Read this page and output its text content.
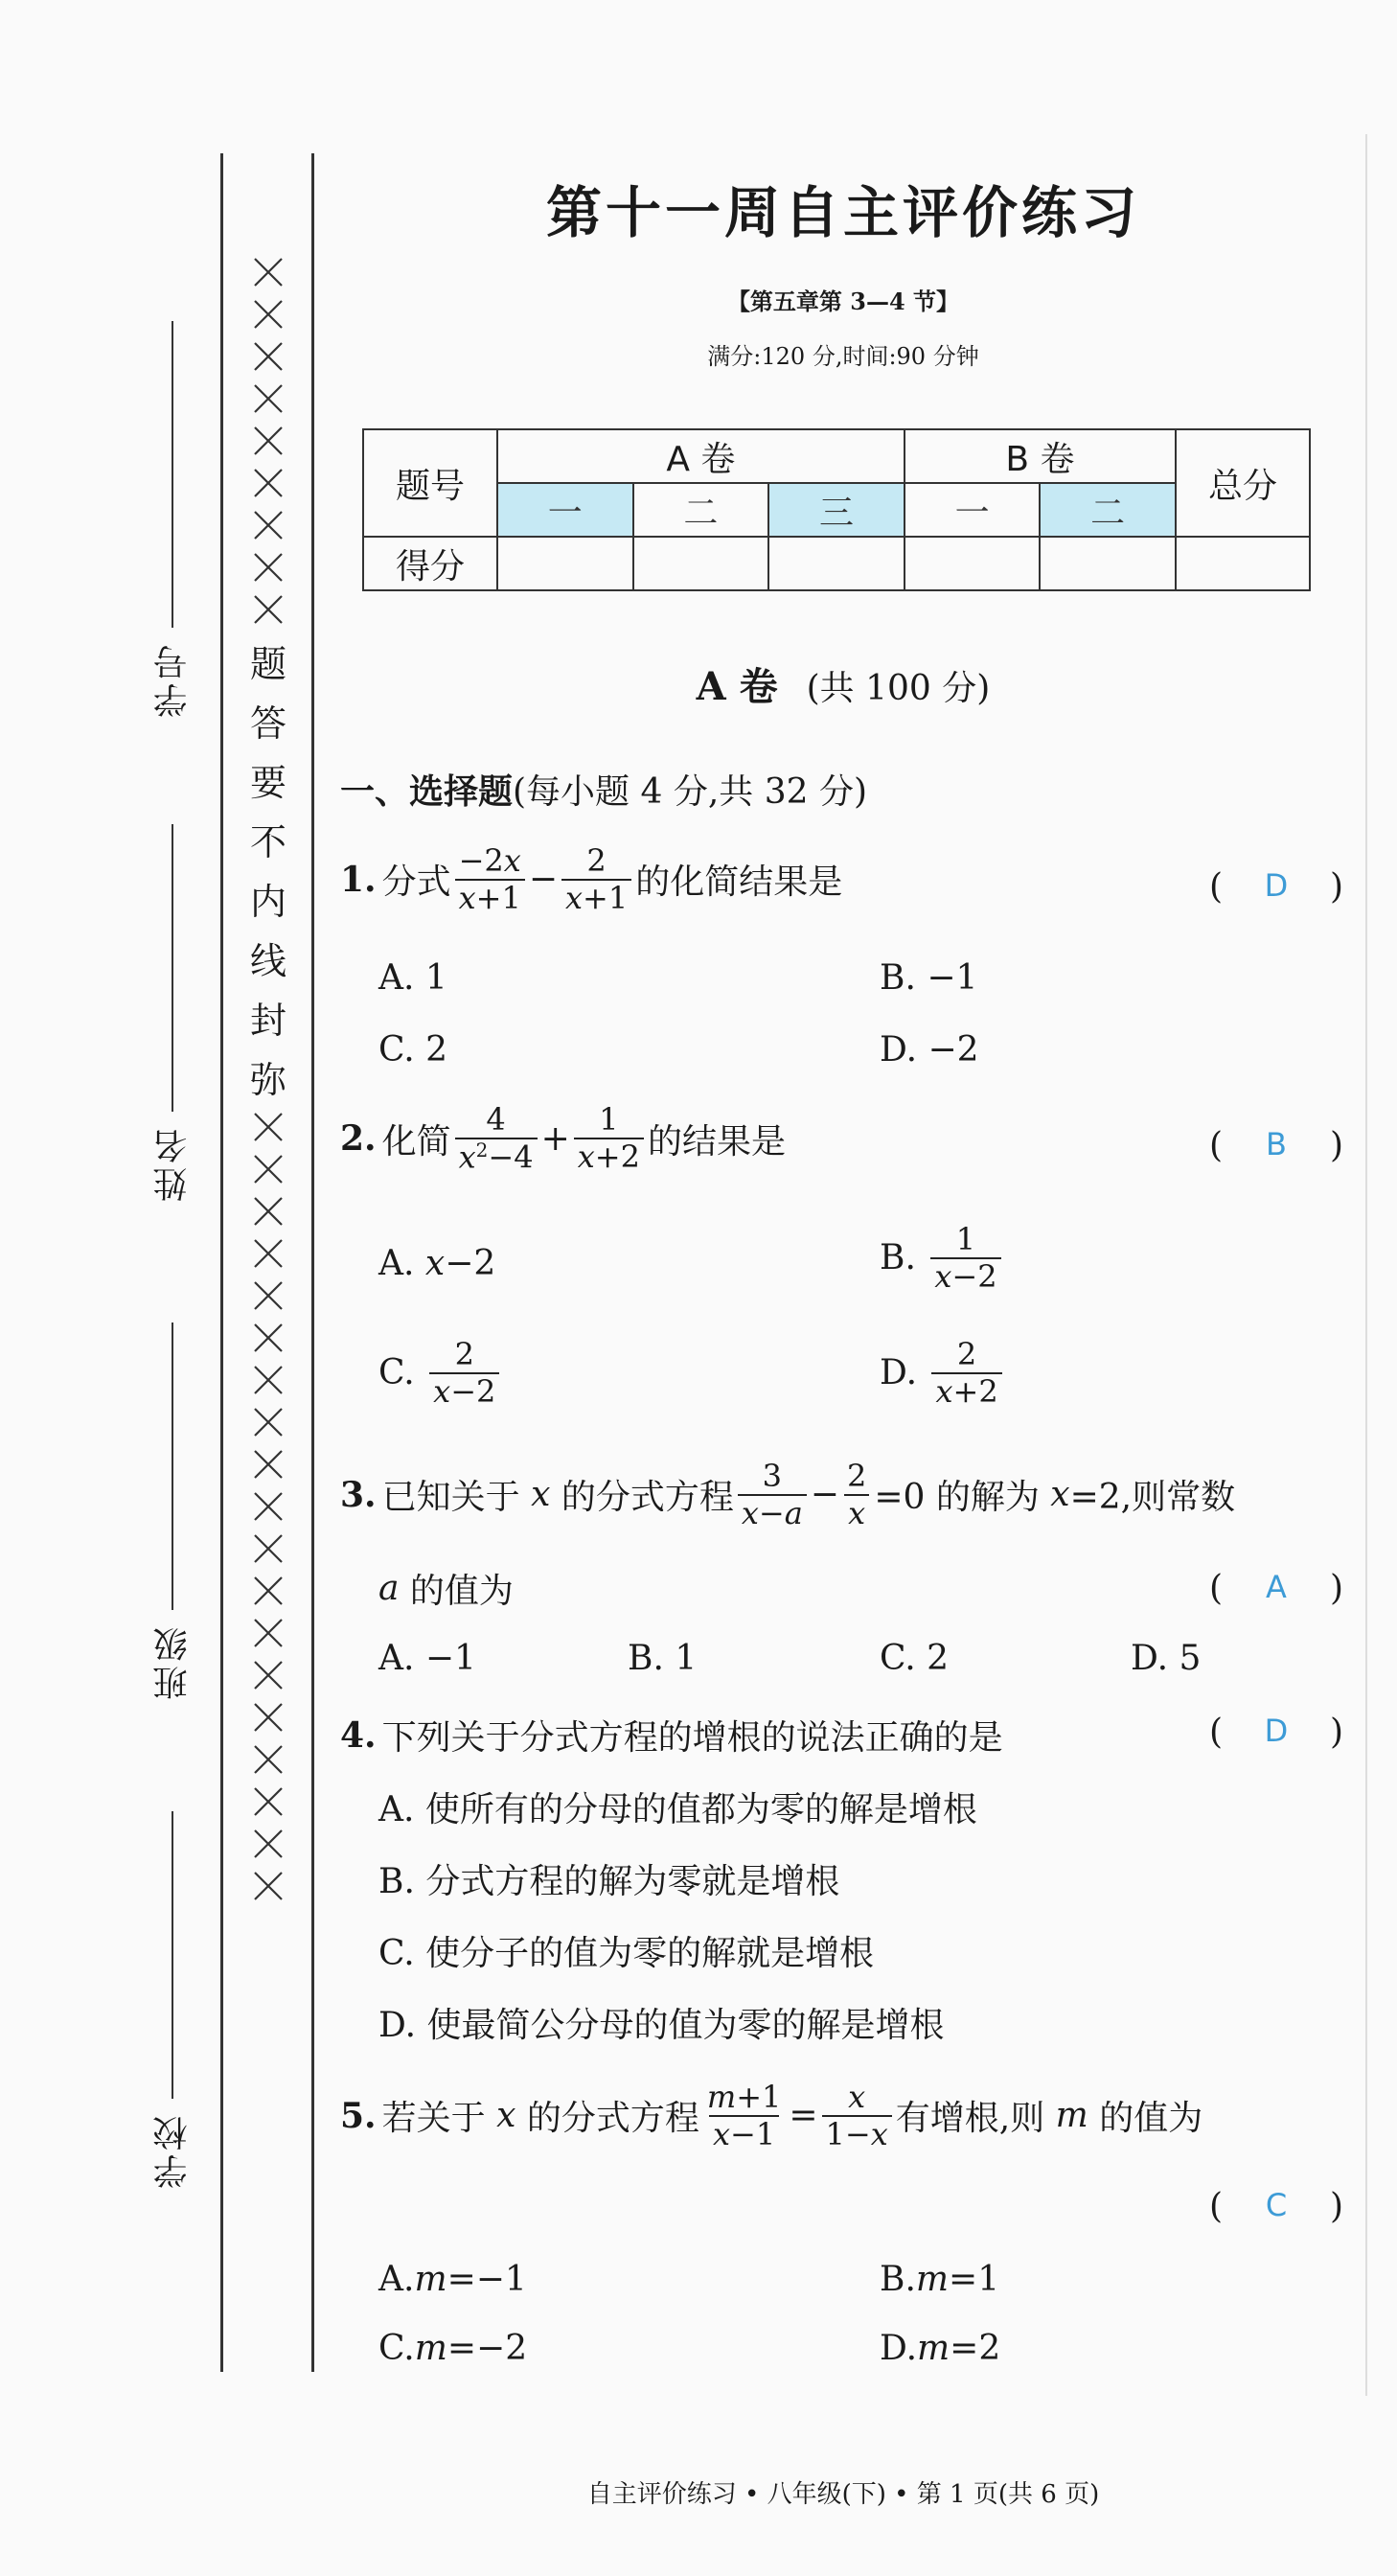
学号
姓名
班级
学校
题
答
要
不
内
线
封
弥
第十一周自主评价练习
【第五章第 3—4 节】
满分:120 分,时间:90 分钟
题号	A 卷			B 卷		总分
	一	二	三	一	二	
得分						
A 卷 (共 100 分)
一、选择题(每小题 4 分,共 32 分)
1. 分式 $\frac{-2x}{x+1} - \frac{2}{x+1}$ 的化简结果是	( D )
A. 1	B. −1
C. 2	D. −2
2. 化简 $\frac{4}{x^2-4} + \frac{1}{x+2}$ 的结果是	( B )
A. x−2	B.
$\frac{1}{x-2}$
C.
$\frac{2}{x-2}$	D.
$\frac{2}{x+2}$
3. 已知关于 x 的分式方程 $\frac{3}{x-a} - \frac{2}{x} =0$ 的解为 x =2,则常数
a
的值为	( A )
A. −1	B. 1	C. 2	D. 5
4. 下列关于分式方程的增根的说法正确的是	( D )
A. 使所有的分母的值都为零的解是增根
B. 分式方程的解为零就是增根
C. 使分子的值为零的解就是增根
D. 使最简公分母的值为零的解是增根
5. 若关于 x 的分式方程 $\frac{m+1}{x-1} = \frac{x}{1-x}$ 有增根,则 m 的值为
( C )
A. m=−1	B. m=1
C. m=−2	D. m=2
自主评价练习 • 八年级(下) • 第 1 页(共 6 页)
